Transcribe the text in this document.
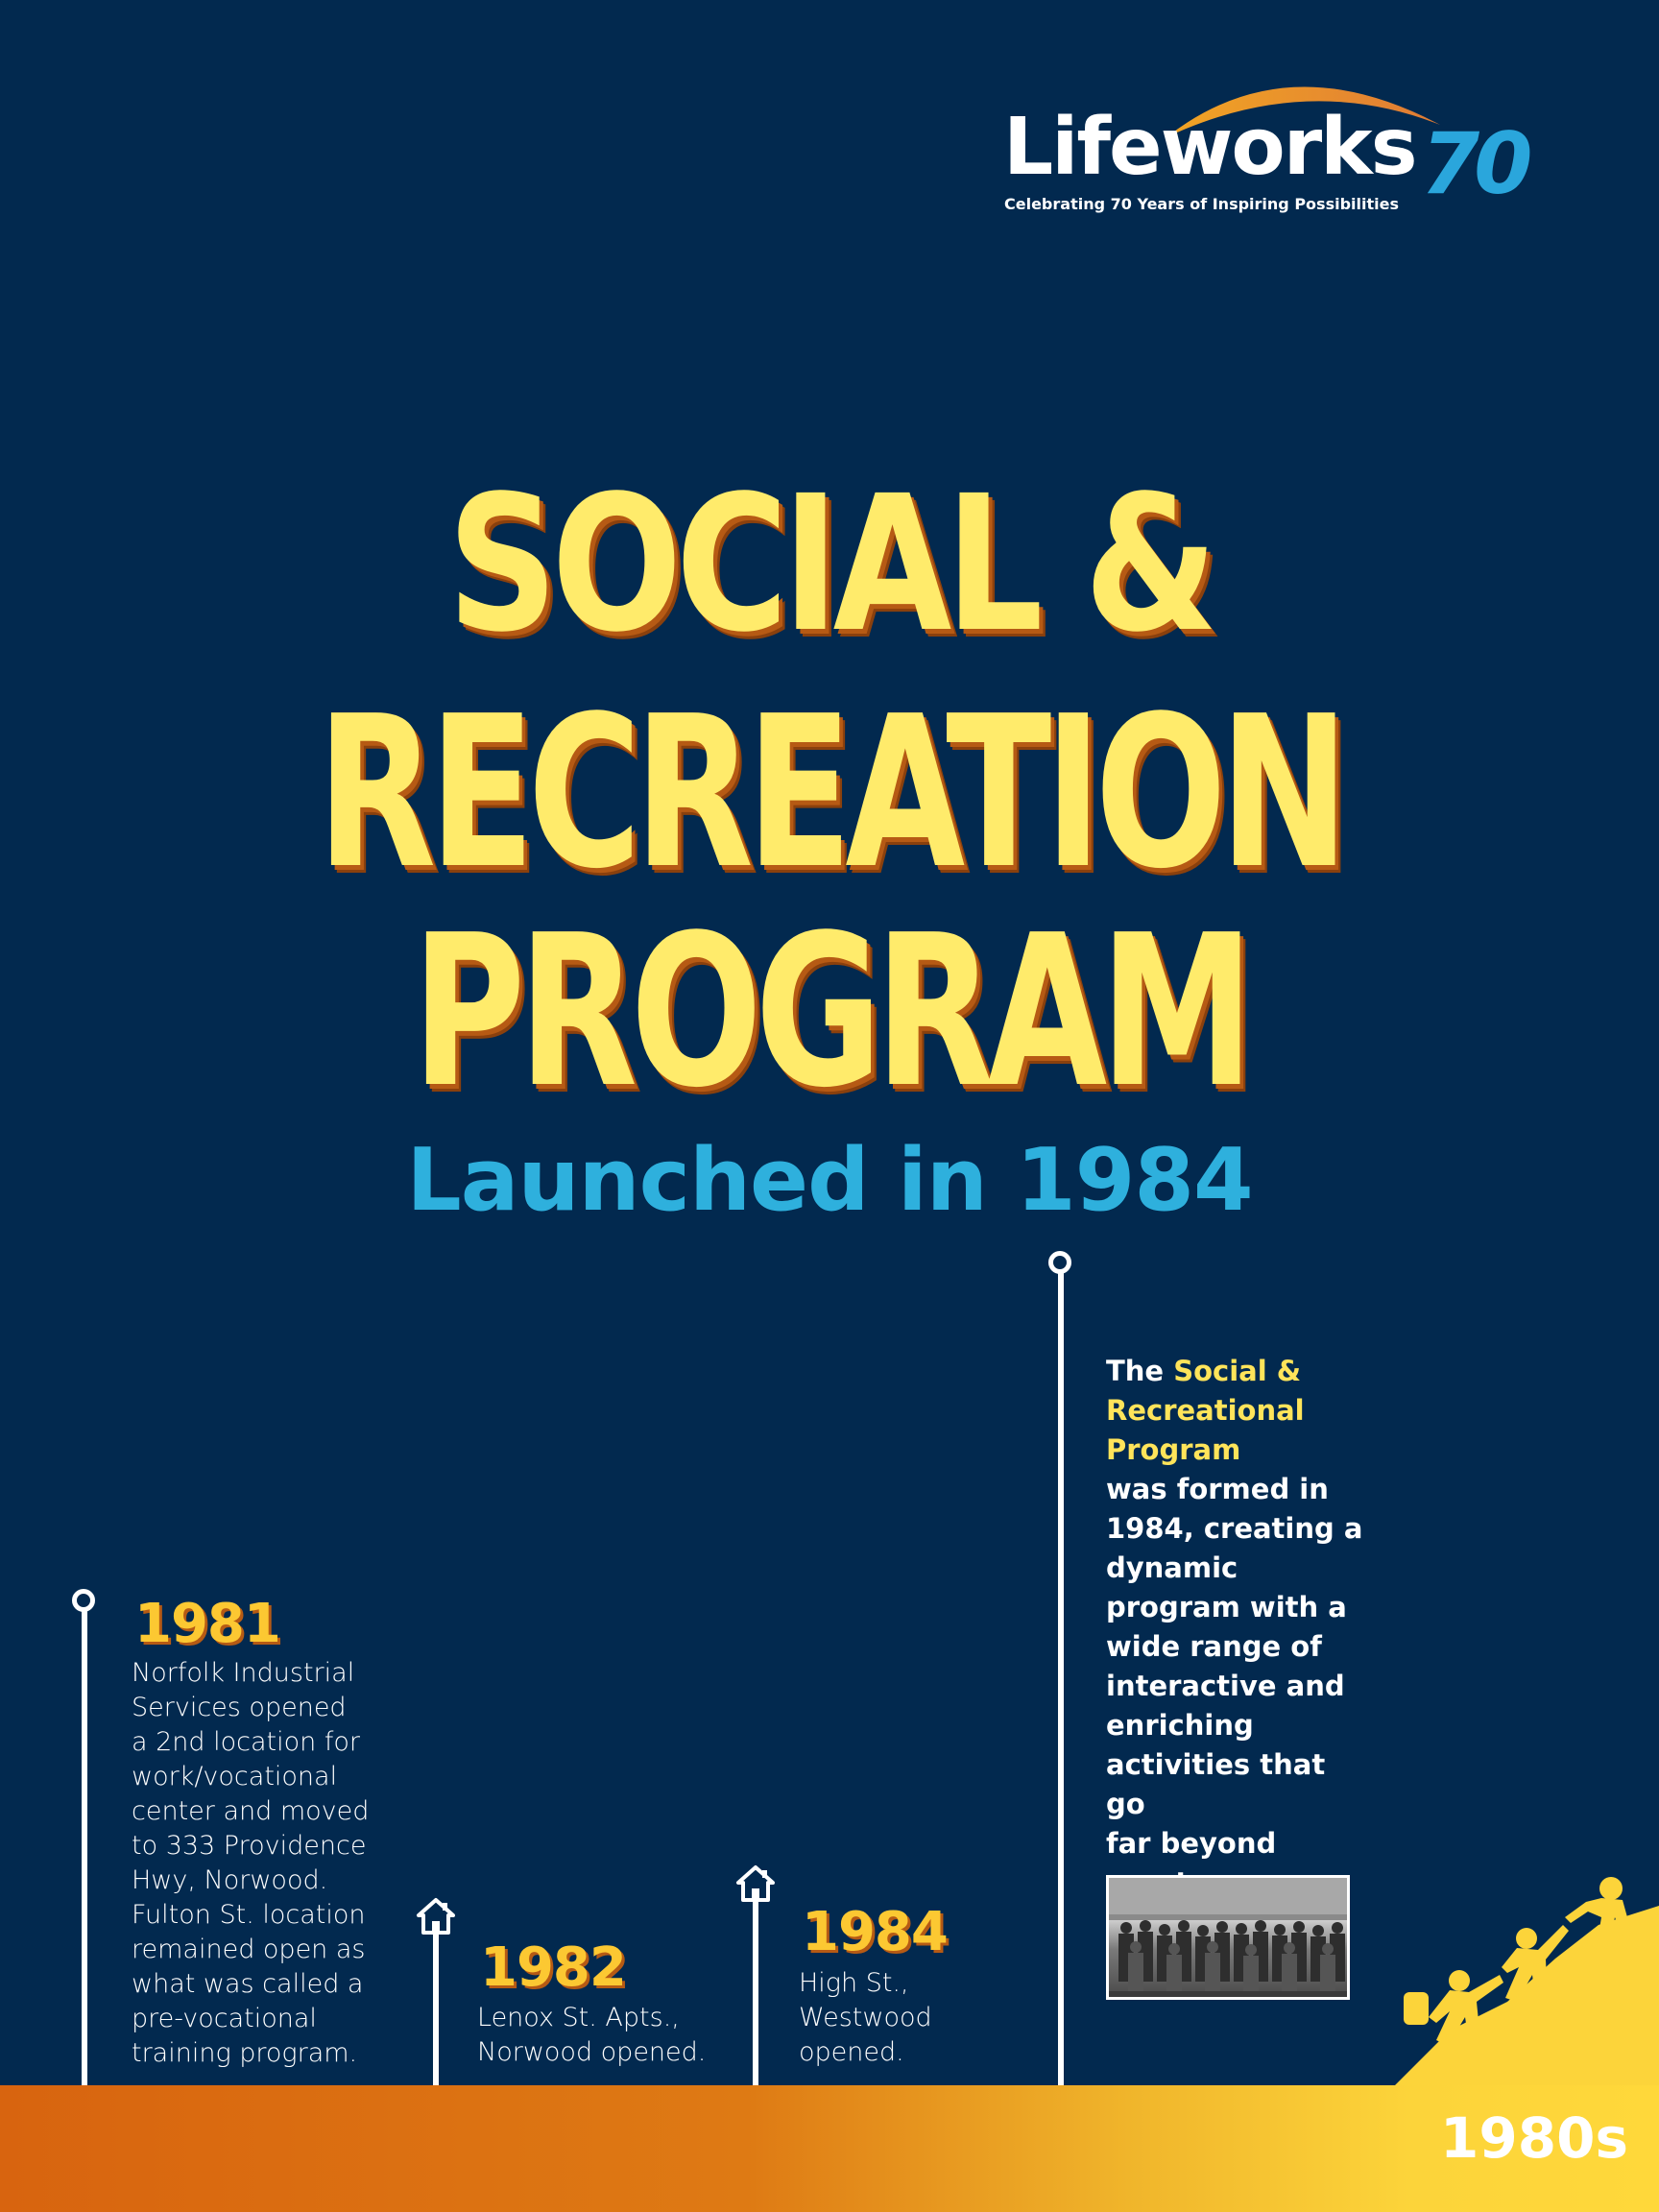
Lifeworks 70
Celebrating 70 Years of Inspiring Possibilities
SOCIAL &
RECREATION
PROGRAM
Launched in 1984
1981
Norfolk Industrial
Services opened
a 2nd location for
work/vocational
center and moved
to 333 Providence
Hwy, Norwood.
Fulton St. location
remained open as
what was called a
pre-vocational
training program.
1982
Lenox St. Apts.,
Norwood opened.
1984
High St.,
Westwood
opened.
The Social &
Recreational
Program
was formed in
1984, creating a
dynamic
program with a
wide range of
interactive and
enriching
activities that go
far beyond
1980s
